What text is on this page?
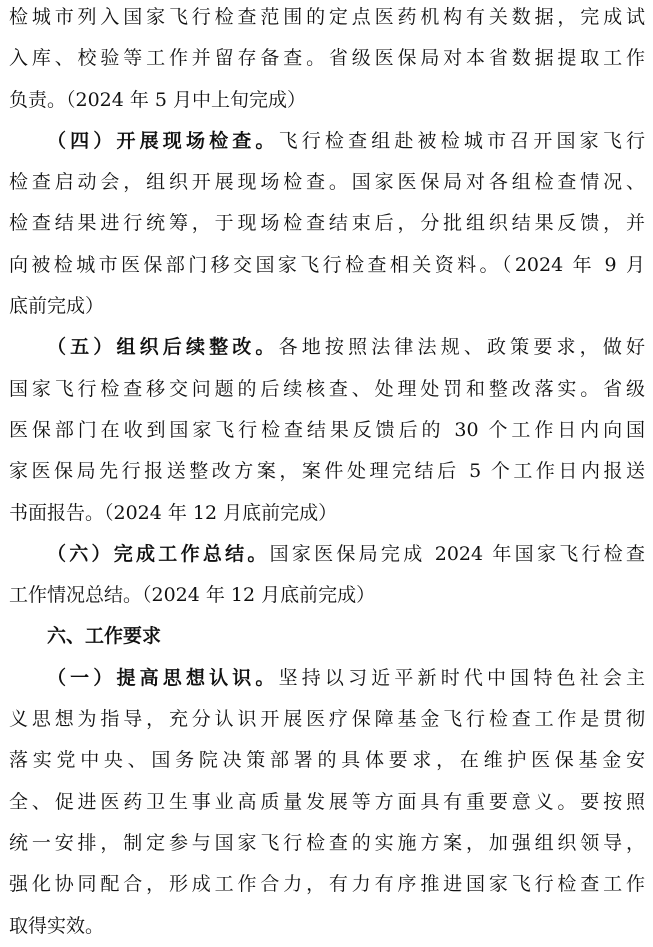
检城市列入国家飞行检查范围的定点医药机构有关数据，完成试
入库、校验等工作并留存备查。省级医保局对本省数据提取工作
负责。（2024 年 5 月中上旬完成）
（四）开展现场检查。飞行检查组赴被检城市召开国家飞行
检查启动会，组织开展现场检查。国家医保局对各组检查情况、
检查结果进行统筹，于现场检查结束后，分批组织结果反馈，并
向被检城市医保部门移交国家飞行检查相关资料。（2024 年 9 月
底前完成）
（五）组织后续整改。各地按照法律法规、政策要求，做好
国家飞行检查移交问题的后续核查、处理处罚和整改落实。省级
医保部门在收到国家飞行检查结果反馈后的 30 个工作日内向国
家医保局先行报送整改方案，案件处理完结后 5 个工作日内报送
书面报告。（2024 年 12 月底前完成）
（六）完成工作总结。国家医保局完成 2024 年国家飞行检查
工作情况总结。（2024 年 12 月底前完成）
六、工作要求
（一）提高思想认识。坚持以习近平新时代中国特色社会主
义思想为指导，充分认识开展医疗保障基金飞行检查工作是贯彻
落实党中央、国务院决策部署的具体要求，在维护医保基金安
全、促进医药卫生事业高质量发展等方面具有重要意义。要按照
统一安排，制定参与国家飞行检查的实施方案，加强组织领导，
强化协同配合，形成工作合力，有力有序推进国家飞行检查工作
取得实效。
